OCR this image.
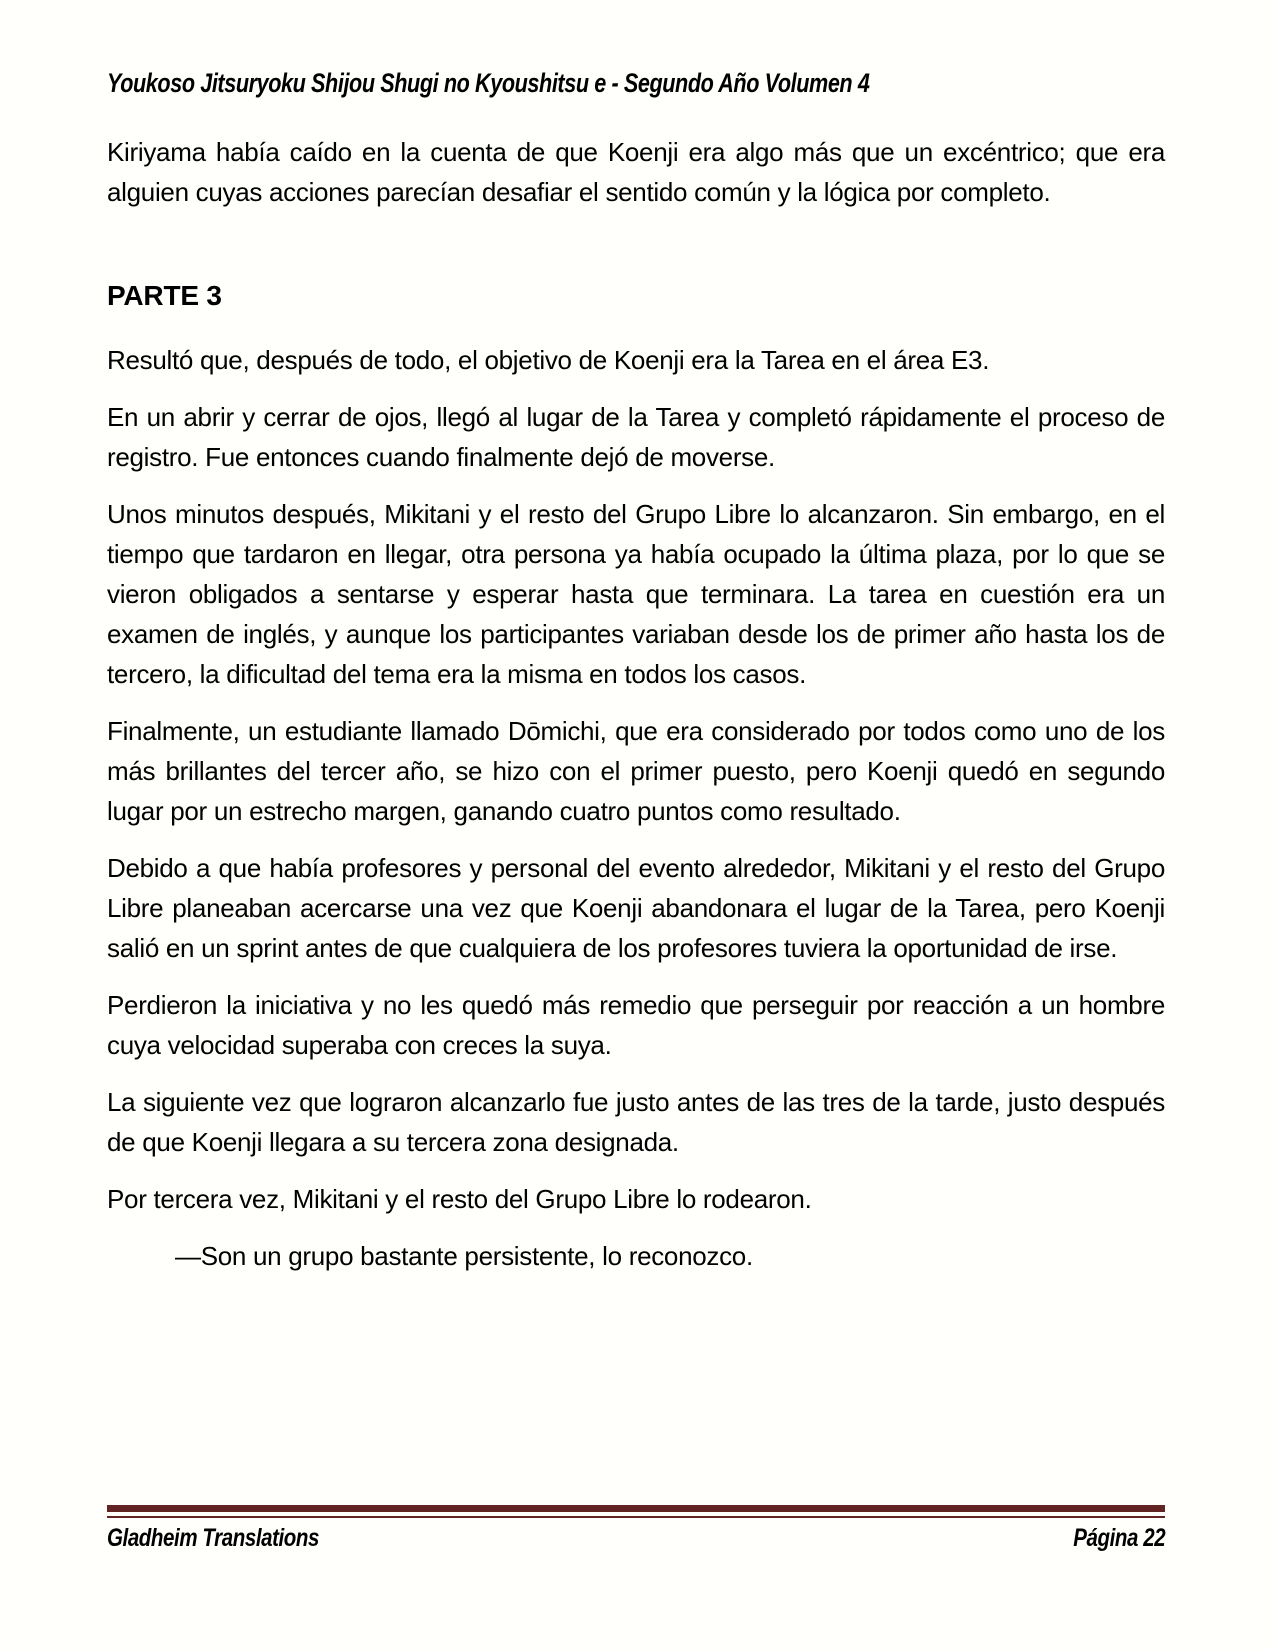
Youkoso Jitsuryoku Shijou Shugi no Kyoushitsu e - Segundo Año Volumen 4

Kiriyama había caído en la cuenta de que Koenji era algo más que un excéntrico; que era alguien cuyas acciones parecían desafiar el sentido común y la lógica por completo.

PARTE 3

Resultó que, después de todo, el objetivo de Koenji era la Tarea en el área E3.

En un abrir y cerrar de ojos, llegó al lugar de la Tarea y completó rápidamente el proceso de registro. Fue entonces cuando finalmente dejó de moverse.

Unos minutos después, Mikitani y el resto del Grupo Libre lo alcanzaron. Sin embargo, en el tiempo que tardaron en llegar, otra persona ya había ocupado la última plaza, por lo que se vieron obligados a sentarse y esperar hasta que terminara. La tarea en cuestión era un examen de inglés, y aunque los participantes variaban desde los de primer año hasta los de tercero, la dificultad del tema era la misma en todos los casos.

Finalmente, un estudiante llamado Dōmichi, que era considerado por todos como uno de los más brillantes del tercer año, se hizo con el primer puesto, pero Koenji quedó en segundo lugar por un estrecho margen, ganando cuatro puntos como resultado.

Debido a que había profesores y personal del evento alrededor, Mikitani y el resto del Grupo Libre planeaban acercarse una vez que Koenji abandonara el lugar de la Tarea, pero Koenji salió en un sprint antes de que cualquiera de los profesores tuviera la oportunidad de irse.

Perdieron la iniciativa y no les quedó más remedio que perseguir por reacción a un hombre cuya velocidad superaba con creces la suya.

La siguiente vez que lograron alcanzarlo fue justo antes de las tres de la tarde, justo después de que Koenji llegara a su tercera zona designada.

Por tercera vez, Mikitani y el resto del Grupo Libre lo rodearon.

—Son un grupo bastante persistente, lo reconozco.

Gladheim Translations	Página 22
